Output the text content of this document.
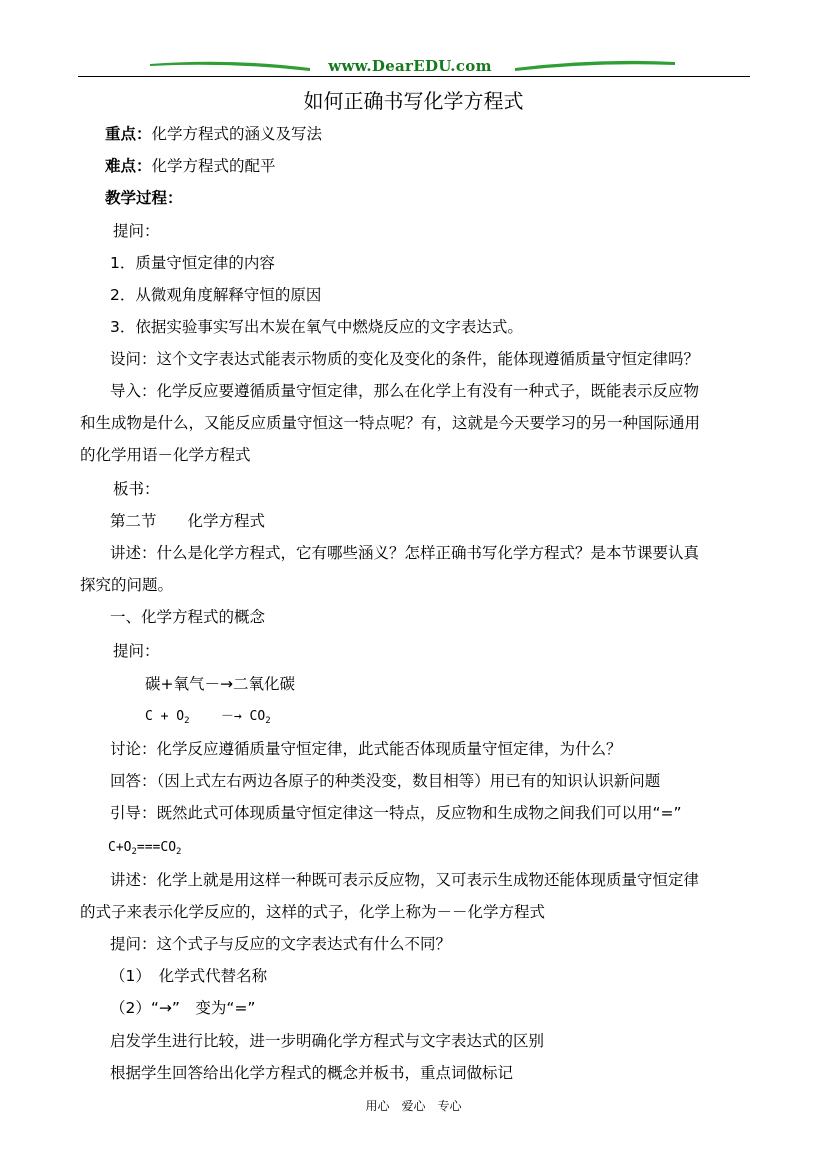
www.DearEDU.com
如何正确书写化学方程式
重点：化学方程式的涵义及写法
难点：化学方程式的配平
教学过程：
提问：
1．质量守恒定律的内容
2．从微观角度解释守恒的原因
3．依据实验事实写出木炭在氧气中燃烧反应的文字表达式。
设问：这个文字表达式能表示物质的变化及变化的条件，能体现遵循质量守恒定律吗？
导入：化学反应要遵循质量守恒定律，那么在化学上有没有一种式子，既能表示反应物
和生成物是什么，又能反应质量守恒这一特点呢？有，这就是今天要学习的另一种国际通用
的化学用语－化学方程式
板书：
第二节　　化学方程式
讲述：什么是化学方程式，它有哪些涵义？怎样正确书写化学方程式？是本节课要认真
探究的问题。
一、化学方程式的概念
提问：
碳+氧气－→二氧化碳
$C + O_2 -\to CO_2$
讨论：化学反应遵循质量守恒定律，此式能否体现质量守恒定律，为什么？
回答：（因上式左右两边各原子的种类没变，数目相等）用已有的知识认识新问题
引导：既然此式可体现质量守恒定律这一特点，反应物和生成物之间我们可以用“=”
$C+O_2===CO_2$
讲述：化学上就是用这样一种既可表示反应物，又可表示生成物还能体现质量守恒定律
的式子来表示化学反应的，这样的式子，化学上称为－－化学方程式
提问：这个式子与反应的文字表达式有什么不同？
（1）　化学式代替名称
（2）“→”　变为“=”
启发学生进行比较，进一步明确化学方程式与文字表达式的区别
根据学生回答给出化学方程式的概念并板书，重点词做标记
用心　爱心　专心
